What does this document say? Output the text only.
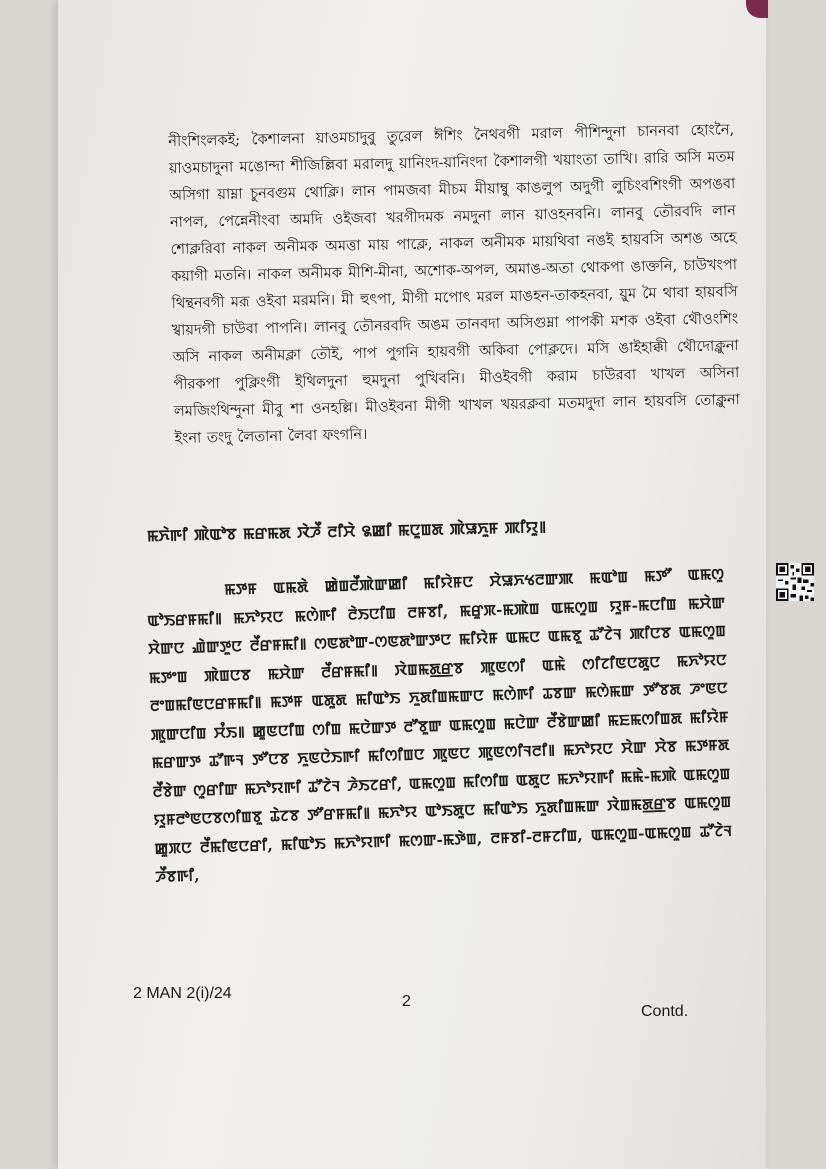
নীংশিংলকই; কৈশালনা য়াওমচাদুবু তুরেল ঈশিং নৈথবগী মরাল পীশিন্দুনা চাননবা হোংনৈ, য়াওমচাদুনা মঙোন্দা শীজিল্লিবা মরালদু য়ানিংদ-য়ানিংদা কৈশালগী খয়াংতা তাখি। রারি অসি মতম অসিগা য়াম্না চুনবগুম থোক্লি। লান পামজবা মীচম মীয়াম্বু কাঙলুপ অদুগী লুচিংবশিংগী অপঙবা নাপল, পেন্নেনীংবা অমদি ওইজবা খরগীদমক নমদুনা লান য়াওহনবনি। লানবু তৌরবদি লান শোক্লরিবা নাকল অনীমক অমত্তা মায় পাক্লে, নাকল অনীমক মায়থিবা নঙই হায়বসি অশঙ অহে কয়াগী মতনি। নাকল অনীমক মীশি-মীনা, অশোক-অপল, অমাঙ-অতা থোকপা ঙাক্তনি, চাউখংপা থিন্থনবগী মরূ ওইবা মরমনি। মী হুৎপা, মীগী মপোৎ মরল মাঙহন-তাকহনবা, য়ুম মৈ থাবা হায়বসি খ্বায়দগী চাউবা পাপনি। লানবু তৌনরবদি অঙম তানবদা অসিগুম্না পাপকী মশক ওইবা থৌওংশিং অসি নাকল অনীমক্লা তৌই, পাপ পুগনি হায়বগী অকিবা পোক্লদে। মসি ঙাইহাক্কী থৌদোক্লুনা পীরকপা পুক্লিংগী ইথিলদুনা হুমদুনা পুখিবনি। মীওইবগী করাম চাউরবা খাখল অসিনা লমজিংথিন্দুনা মীবু শা ওনহল্লি। মীওইবনা মীগী খাখল খয়রক্লবা মতমদুদা লান হায়বসি তোক্লুনা ইংনা তংদু লৈতানা লৈবা ফংগনি।

ꯃꯈꯥꯒꯤ ꯄꯥꯑꯣꯕ ꯃꯔꯃꯗ ꯋꯥꯍꯩ ꯂꯤꯆꯥ ꯲ꯀꯤ ꯃꯅꯨꯡꯗ ꯄꯥꯎꯈꯨꯝ ꯄꯤꯌꯨ꯫

ꯃꯇꯝ ꯑꯃꯗꯥ ꯀꯥꯡꯂꯩꯄꯥꯛꯀꯤ ꯃꯤꯌꯥꯝꯅ ꯆꯥꯎꯈꯠꯂꯛꯄ ꯃꯑꯣꯡ ꯃꯇꯧ ꯑꯃꯁꯨ ꯑꯣꯏꯔꯝꯃꯤ꯫ ꯃꯈꯣꯌꯅ ꯃꯁꯥꯒꯤ ꯂꯥꯏꯅꯤꯡ ꯂꯝꯕꯤ, ꯃꯔꯨꯞ-ꯃꯄꯥꯡ ꯑꯃꯁꯨꯡ ꯌꯨꯝ-ꯃꯅꯤꯡ ꯃꯆꯥꯛ ꯆꯥꯛꯅ ꯉꯥꯛꯇꯨꯅ ꯂꯩꯔꯝꯃꯤ꯫ ꯁꯟꯗꯣꯛ-ꯁꯟꯗꯣꯛꯇꯅ ꯃꯤꯌꯥꯝ ꯑꯃꯅ ꯑꯃꯕꯨ ꯊꯧꯖꯥꯜ ꯄꯤꯅꯕ ꯑꯃꯁꯨꯡ ꯃꯇꯦꯡ ꯄꯥꯡꯅꯕ ꯃꯆꯥꯛ ꯂꯩꯔꯝꯃꯤ꯫ ꯋꯥꯡꯃꯗ꯭ꯔꯕ ꯄꯨꯟꯁꯤ ꯑꯃꯥ ꯁꯤꯖꯤꯟꯅꯗꯨꯅ ꯃꯈꯣꯌꯅ ꯂꯦꯡꯃꯤꯟꯅꯔꯝꯃꯤ꯫ ꯃꯇꯝ ꯑꯗꯨꯗ ꯃꯤꯑꯣꯏ ꯈꯨꯗꯤꯡꯃꯛꯅ ꯃꯁꯥꯒꯤ ꯊꯕꯛ ꯃꯁꯥꯃꯛ ꯇꯧꯕꯗ ꯍꯦꯟꯅ ꯄꯨꯛꯅꯤꯡ ꯆꯪꯏ꯫ ꯀꯨꯟꯅꯤꯡ ꯁꯤꯡ ꯃꯅꯥꯛꯇ ꯂꯧꯕꯨꯛ ꯑꯃꯁꯨꯡ ꯃꯅꯥꯛ ꯂꯩꯕꯥꯛꯀꯤ ꯃꯐꯃꯁꯤꯡꯗ ꯃꯤꯌꯥꯝ ꯃꯔꯛꯇ ꯊꯧꯒꯜ ꯇꯧꯅꯕ ꯈꯨꯟꯅꯥꯏꯒꯤ ꯃꯤꯁꯤꯡꯅ ꯄꯨꯟꯅ ꯄꯨꯟꯁꯤꯜꯂꯤ꯫ ꯃꯈꯣꯌꯅ ꯆꯥꯛ ꯆꯥꯕ ꯃꯇꯝꯗ ꯂꯩꯕꯥꯛ ꯁꯨꯔꯤꯛ ꯃꯈꯣꯌꯒꯤ ꯊꯧꯖꯥꯜ ꯍꯥꯏꯖꯔꯤ, ꯑꯃꯁꯨꯡ ꯃꯤꯁꯤꯡ ꯑꯗꯨꯅ ꯃꯈꯣꯌꯒꯤ ꯃꯃꯥ-ꯃꯄꯥ ꯑꯃꯁꯨꯡ ꯌꯨꯝꯂꯣꯟꯅꯕꯁꯤꯡꯕꯨ ꯊꯥꯖꯕ ꯇꯧꯔꯝꯃꯤ꯫ ꯃꯈꯣꯌ ꯑꯣꯏꯗꯨꯅ ꯃꯤꯑꯣꯏ ꯈꯨꯗꯤꯡꯃꯛ ꯋꯥꯡꯃꯗ꯭ꯔꯕ ꯑꯃꯁꯨꯡ ꯀꯨꯞꯅ ꯂꯩꯃꯤꯟꯅꯔꯤ, ꯃꯤꯑꯣꯏ ꯃꯈꯣꯌꯒꯤ ꯃꯁꯛ-ꯃꯇꯥꯡ, ꯂꯝꯕꯤ-ꯂꯝꯖꯤꯡ, ꯑꯃꯁꯨꯡ-ꯑꯃꯁꯨꯡ ꯊꯧꯖꯥꯜ ꯍꯩꯕꯒꯤ,

2 MAN 2(i)/24	2

Contd.
